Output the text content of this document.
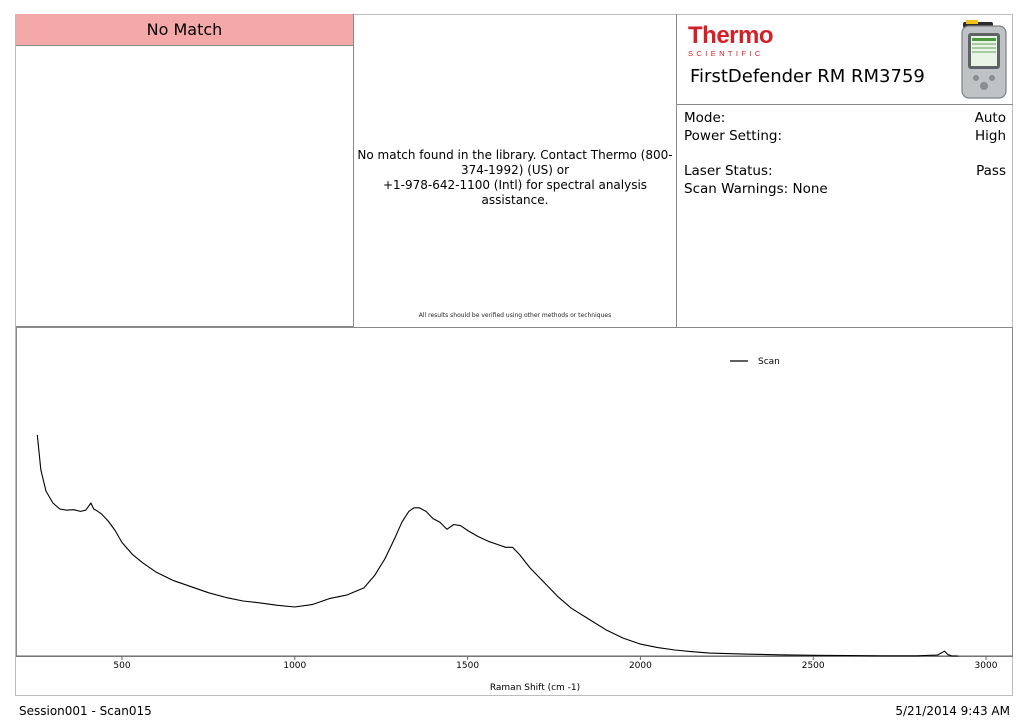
No Match
No match found in the library. Contact Thermo (800-
374-1992) (US) or
+1-978-642-1100 (Intl) for spectral analysis assistance.
All results should be verified using other methods or techniques
Thermo
SCIENTIFIC
FirstDefender RM RM3759
Mode:	Auto
Power Setting:	High
Laser Status:	Pass
Scan Warnings: None
500	1000	1500	2000	2500	3000
Raman Shift (cm -1)
Scan
Session001 - Scan015	5/21/2014 9:43 AM
